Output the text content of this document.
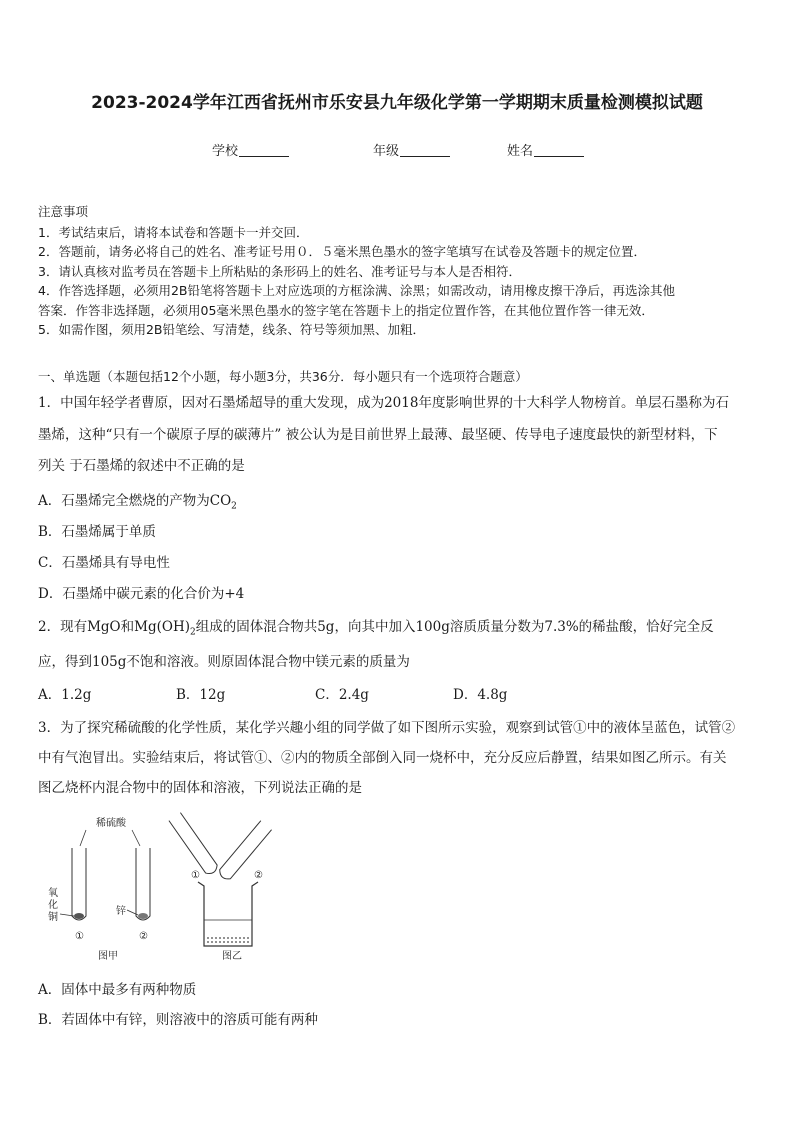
2023-2024学年江西省抚州市乐安县九年级化学第一学期期末质量检测模拟试题
学校	年级	姓名
注意事项

1．考试结束后，请将本试卷和答题卡一并交回．

2．答题前，请务必将自己的姓名、准考证号用０．５毫米黑色墨水的签字笔填写在试卷及答题卡的规定位置．

3．请认真核对监考员在答题卡上所粘贴的条形码上的姓名、准考证号与本人是否相符．

4．作答选择题，必须用2B铅笔将答题卡上对应选项的方框涂满、涂黑；如需改动，请用橡皮擦干净后，再选涂其他

答案．作答非选择题，必须用05毫米黑色墨水的签字笔在答题卡上的指定位置作答，在其他位置作答一律无效．

5．如需作图，须用2B铅笔绘、写清楚，线条、符号等须加黑、加粗．

一、单选题（本题包括12个小题，每小题3分，共36分．每小题只有一个选项符合题意）

1．中国年轻学者曹原，因对石墨烯超导的重大发现，成为2018年度影响世界的十大科学人物榜首。单层石墨称为石

墨烯，这种“只有一个碳原子厚的碳薄片” 被公认为是目前世界上最薄、最坚硬、传导电子速度最快的新型材料，下

列关 于石墨烯的叙述中不正确的是

A．石墨烯完全燃烧的产物为$CO_2$
B．石墨烯属于单质
C．石墨烯具有导电性
D．石墨烯中碳元素的化合价为+4
2．现有MgO和$Mg(OH)_2$组成的固体混合物共5g，向其中加入100g溶质质量分数为7.3%的稀盐酸，恰好完全反

应，得到105g不饱和溶液。则原固体混合物中镁元素的质量为

A．1.2g	B．12g	C．2.4g	D．4.8g

3．为了探究稀硫酸的化学性质，某化学兴趣小组的同学做了如下图所示实验，观察到试管①中的液体呈蓝色，试管②

中有气泡冒出。实验结束后，将试管①、②内的物质全部倒入同一烧杯中，充分反应后静置，结果如图乙所示。有关

图乙烧杯内混合物中的固体和溶液，下列说法正确的是

稀硫酸
氧
化
铜
①
锌
②
图甲
①	②
图乙
A．固体中最多有两种物质
B．若固体中有锌，则溶液中的溶质可能有两种
